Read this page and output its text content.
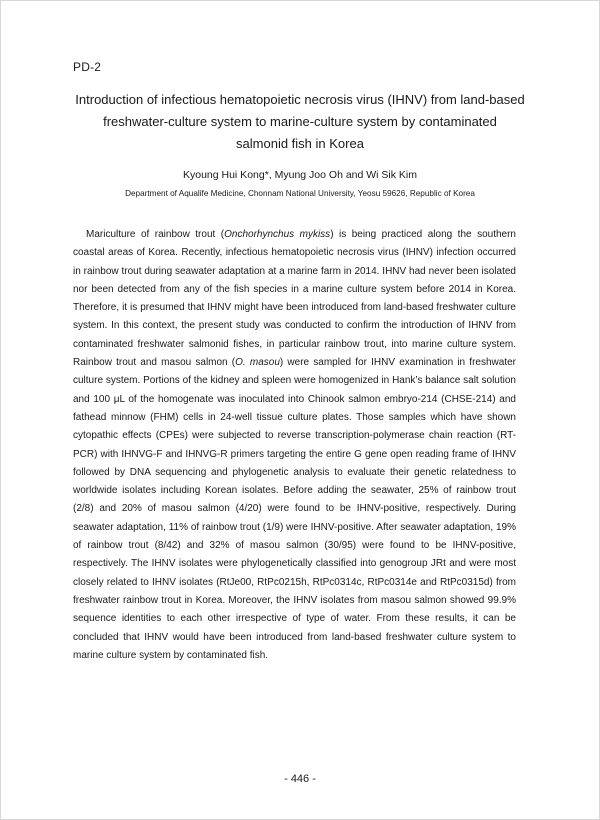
PD-2
Introduction of infectious hematopoietic necrosis virus (IHNV) from land-based
freshwater-culture system to marine-culture system by contaminated
salmonid fish in Korea
Kyoung Hui Kong*, Myung Joo Oh and Wi Sik Kim
Department of Aqualife Medicine, Chonnam National University, Yeosu 59626, Republic of Korea

Mariculture of rainbow trout (Onchorhynchus mykiss) is being practiced along the southern coastal areas of Korea. Recently, infectious hematopoietic necrosis virus (IHNV) infection occurred in rainbow trout during seawater adaptation at a marine farm in 2014. IHNV had never been isolated nor been detected from any of the fish species in a marine culture system before 2014 in Korea. Therefore, it is presumed that IHNV might have been introduced from land-based freshwater culture system. In this context, the present study was conducted to confirm the introduction of IHNV from contaminated freshwater salmonid fishes, in particular rainbow trout, into marine culture system. Rainbow trout and masou salmon (O. masou) were sampled for IHNV examination in freshwater culture system. Portions of the kidney and spleen were homogenized in Hank’s balance salt solution and 100 μL of the homogenate was inoculated into Chinook salmon embryo-214 (CHSE-214) and fathead minnow (FHM) cells in 24-well tissue culture plates. Those samples which have shown cytopathic effects (CPEs) were subjected to reverse transcription-polymerase chain reaction (RT-PCR) with IHNVG-F and IHNVG-R primers targeting the entire G gene open reading frame of IHNV followed by DNA sequencing and phylogenetic analysis to evaluate their genetic relatedness to worldwide isolates including Korean isolates. Before adding the seawater, 25% of rainbow trout (2/8) and 20% of masou salmon (4/20) were found to be IHNV-positive, respectively. During seawater adaptation, 11% of rainbow trout (1/9) were IHNV-positive. After seawater adaptation, 19% of rainbow trout (8/42) and 32% of masou salmon (30/95) were found to be IHNV-positive, respectively. The IHNV isolates were phylogenetically classified into genogroup JRt and were most closely related to IHNV isolates (RtJe00, RtPc0215h, RtPc0314c, RtPc0314e and RtPc0315d) from freshwater rainbow trout in Korea. Moreover, the IHNV isolates from masou salmon showed 99.9% sequence identities to each other irrespective of type of water. From these results, it can be concluded that IHNV would have been introduced from land-based freshwater culture system to marine culture system by contaminated fish.

- 446 -
